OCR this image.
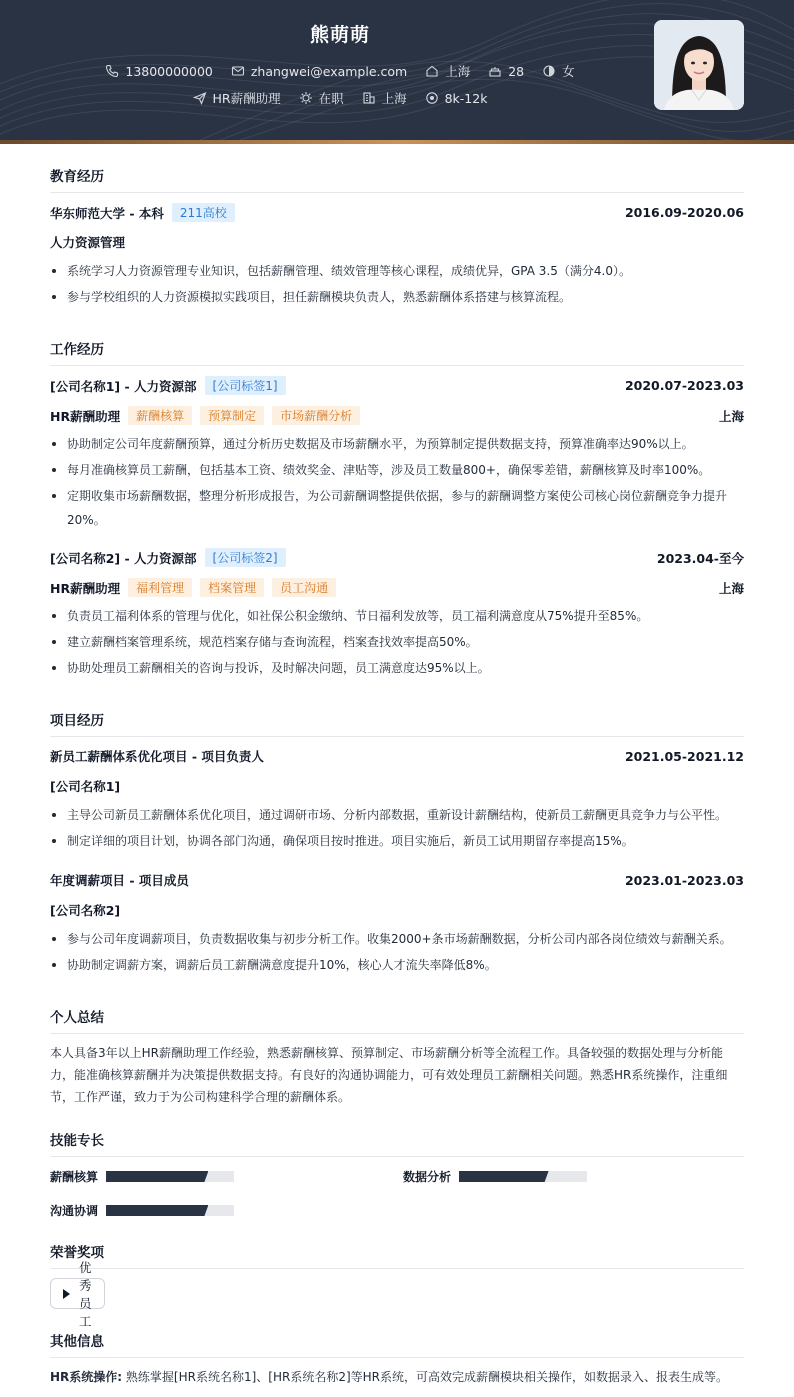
熊萌萌
13800000000
	zhangwei@example.com
	上海
	28
	女
HR薪酬助理
	在职
	上海
	8k-12k
教育经历
华东师范大学 - 本科	211高校	2016.09-2020.06
人力资源管理
系统学习人力资源管理专业知识，包括薪酬管理、绩效管理等核心课程，成绩优异，GPA 3.5（满分4.0）。
参与学校组织的人力资源模拟实践项目，担任薪酬模块负责人，熟悉薪酬体系搭建与核算流程。
工作经历
[公司名称1] - 人力资源部	[公司标签1]	2020.07-2023.03
HR薪酬助理	薪酬核算	预算制定	市场薪酬分析	上海
协助制定公司年度薪酬预算，通过分析历史数据及市场薪酬水平，为预算制定提供数据支持，预算准确率达90%以上。
每月准确核算员工薪酬，包括基本工资、绩效奖金、津贴等，涉及员工数量800+，确保零差错，薪酬核算及时率100%。
定期收集市场薪酬数据，整理分析形成报告，为公司薪酬调整提供依据，参与的薪酬调整方案使公司核心岗位薪酬竞争力提升20%。
[公司名称2] - 人力资源部	[公司标签2]	2023.04-至今
HR薪酬助理	福利管理	档案管理	员工沟通	上海
负责员工福利体系的管理与优化，如社保公积金缴纳、节日福利发放等，员工福利满意度从75%提升至85%。
建立薪酬档案管理系统，规范档案存储与查询流程，档案查找效率提高50%。
协助处理员工薪酬相关的咨询与投诉，及时解决问题，员工满意度达95%以上。
项目经历
新员工薪酬体系优化项目 - 项目负责人	2021.05-2021.12
[公司名称1]
主导公司新员工薪酬体系优化项目，通过调研市场、分析内部数据，重新设计薪酬结构，使新员工薪酬更具竞争力与公平性。
制定详细的项目计划，协调各部门沟通，确保项目按时推进。项目实施后，新员工试用期留存率提高15%。
年度调薪项目 - 项目成员	2023.01-2023.03
[公司名称2]
参与公司年度调薪项目，负责数据收集与初步分析工作。收集2000+条市场薪酬数据，分析公司内部各岗位绩效与薪酬关系。
协助制定调薪方案，调薪后员工薪酬满意度提升10%，核心人才流失率降低8%。
个人总结
本人具备3年以上HR薪酬助理工作经验，熟悉薪酬核算、预算制定、市场薪酬分析等全流程工作。具备较强的数据处理与分析能
力，能准确核算薪酬并为决策提供数据支持。有良好的沟通协调能力，可有效处理员工薪酬相关问题。熟悉HR系统操作，注重细
节，工作严谨，致力于为公司构建科学合理的薪酬体系。
技能专长
薪酬核算	数据分析
沟通协调
荣誉奖项
优秀员工
其他信息
HR系统操作: 熟练掌握[HR系统名称1]、[HR系统名称2]等HR系统，可高效完成薪酬模块相关操作，如数据录入、报表生成等。
